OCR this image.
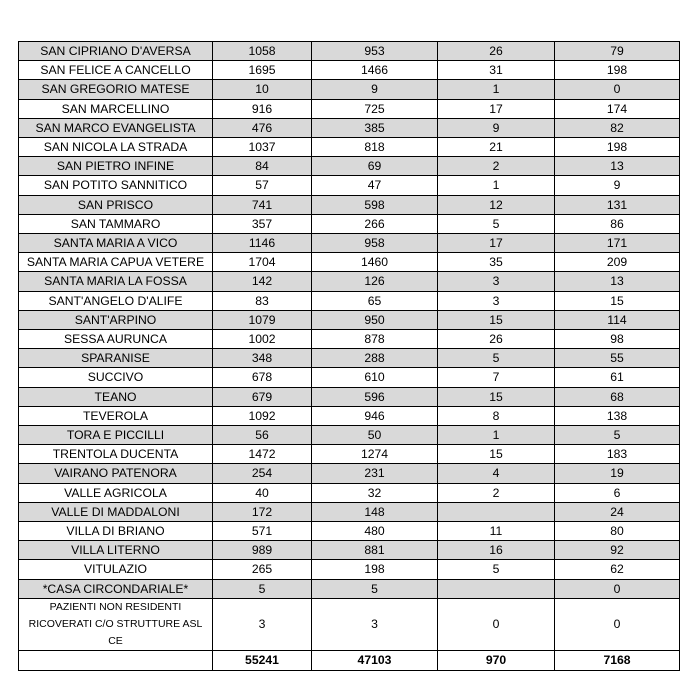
SAN CIPRIANO D'AVERSA	1058	953	26	79
SAN FELICE A CANCELLO	1695	1466	31	198
SAN GREGORIO MATESE	10	9	1	0
SAN MARCELLINO	916	725	17	174
SAN MARCO EVANGELISTA	476	385	9	82
SAN NICOLA LA STRADA	1037	818	21	198
SAN PIETRO INFINE	84	69	2	13
SAN POTITO SANNITICO	57	47	1	9
SAN PRISCO	741	598	12	131
SAN TAMMARO	357	266	5	86
SANTA MARIA A VICO	1146	958	17	171
SANTA MARIA CAPUA VETERE	1704	1460	35	209
SANTA MARIA LA FOSSA	142	126	3	13
SANT'ANGELO D'ALIFE	83	65	3	15
SANT'ARPINO	1079	950	15	114
SESSA AURUNCA	1002	878	26	98
SPARANISE	348	288	5	55
SUCCIVO	678	610	7	61
TEANO	679	596	15	68
TEVEROLA	1092	946	8	138
TORA E PICCILLI	56	50	1	5
TRENTOLA DUCENTA	1472	1274	15	183
VAIRANO PATENORA	254	231	4	19
VALLE AGRICOLA	40	32	2	6
VALLE DI MADDALONI	172	148		24
VILLA DI BRIANO	571	480	11	80
VILLA LITERNO	989	881	16	92
VITULAZIO	265	198	5	62
*CASA CIRCONDARIALE*	5	5		0
PAZIENTI NON RESIDENTI RICOVERATI C/O STRUTTURE ASL CE	3	3	0	0
	55241	47103	970	7168
